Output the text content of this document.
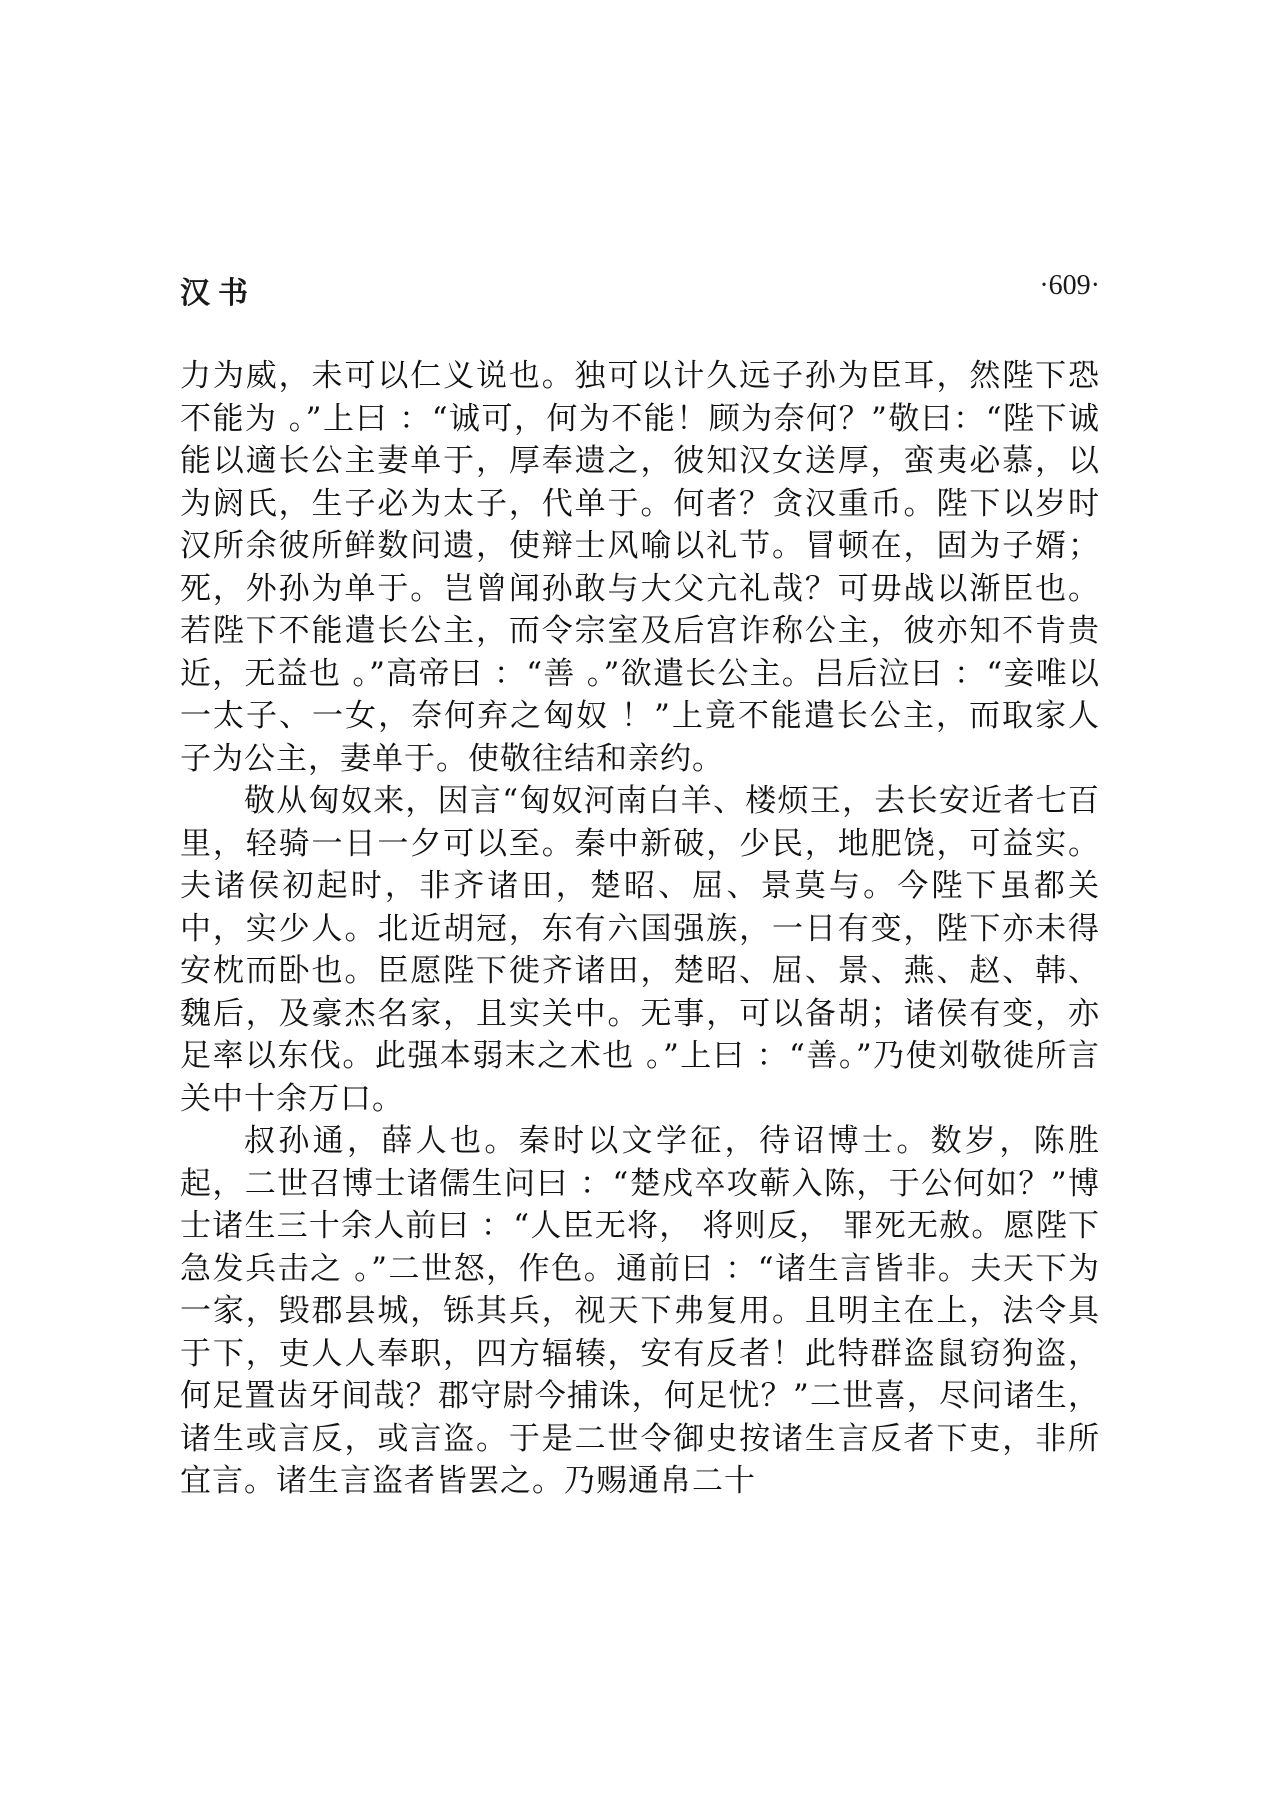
汉书	·609·

力为威，未可以仁义说也。独可以计久远子孙为臣耳，然陛下恐不能为 。”上曰 ：“诚可，何为不能！顾为奈何？”敬曰：“陛下诚能以適长公主妻单于，厚奉遗之，彼知汉女送厚，蛮夷必慕，以为阏氏，生子必为太子，代单于。何者？贪汉重币。陛下以岁时汉所余彼所鲜数问遗，使辩士风喻以礼节。冒顿在，固为子婿；死，外孙为单于。岂曾闻孙敢与大父亢礼哉？可毋战以渐臣也。若陛下不能遣长公主，而令宗室及后宫诈称公主，彼亦知不肯贵近，无益也 。”高帝曰 ：“善 。”欲遣长公主。吕后泣曰 ：“妾唯以一太子、一女，奈何弃之匈奴 ！”上竟不能遣长公主，而取家人子为公主，妻单于。使敬往结和亲约。

敬从匈奴来，因言“匈奴河南白羊、楼烦王，去长安近者七百里，轻骑一日一夕可以至。秦中新破，少民，地肥饶，可益实。夫诸侯初起时，非齐诸田，楚昭、屈、景莫与。今陛下虽都关中，实少人。北近胡冠，东有六国强族，一日有变，陛下亦未得安枕而卧也。臣愿陛下徙齐诸田，楚昭、屈、景、燕、赵、韩、魏后，及豪杰名家，且实关中。无事，可以备胡；诸侯有变，亦足率以东伐。此强本弱末之术也 。”上曰 ：“善。”乃使刘敬徙所言关中十余万口。

叔孙通，薛人也。秦时以文学征，待诏博士。数岁，陈胜起，二世召博士诸儒生问曰 ：“楚戍卒攻蕲入陈，于公何如？”博士诸生三十余人前曰 ：“人臣无将， 将则反， 罪死无赦。愿陛下急发兵击之 。”二世怒，作色。通前曰 ：“诸生言皆非。夫天下为一家，毁郡县城，铄其兵，视天下弗复用。且明主在上，法令具于下，吏人人奉职，四方辐辏，安有反者！此特群盗鼠窃狗盗，何足置齿牙间哉？郡守尉今捕诛，何足忧？”二世喜，尽问诸生，诸生或言反，或言盗。于是二世令御史按诸生言反者下吏，非所宜言。诸生言盗者皆罢之。乃赐通帛二十
